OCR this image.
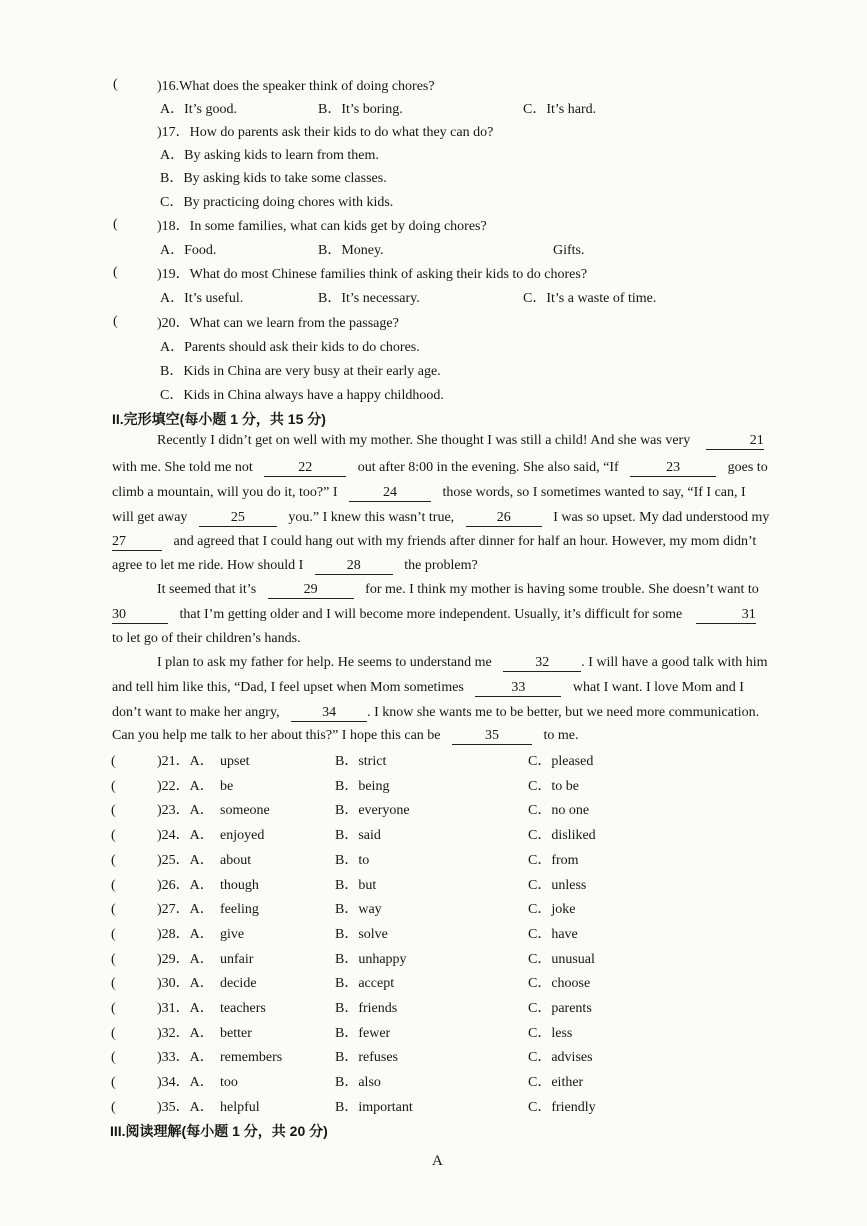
(	)16.What does the speaker think of doing chores?
A．It’s good.	B．It’s boring.	C．It’s hard.
)17．How do parents ask their kids to do what they can do?
A．By asking kids to learn from them.
B．By asking kids to take some classes.
C．By practicing doing chores with kids.
(	)18．In some families, what can kids get by doing chores?
A．Food.	B．Money.	Gifts.
(	)19．What do most Chinese families think of asking their kids to do chores?
A．It’s useful.	B．It’s necessary.	C．It’s a waste of time.
(	)20．What can we learn from the passage?
A．Parents should ask their kids to do chores.
B．Kids in China are very busy at their early age.
C．Kids in China always have a happy childhood.
II.完形填空(每小题 1 分，共 15 分)
Recently I didn’t get on well with my mother. She thought I was still a child! And she was very	21
with me. She told me not	22	out after 8:00 in the evening. She also said, “If	23	goes to
climb a mountain, will you do it, too?” I	24	those words, so I sometimes wanted to say, “If I can, I
will get away	25	you.” I knew this wasn’t true,	26	I was so upset. My dad understood my
27	and agreed that I could hang out with my friends after dinner for half an hour. However, my mom didn’t
agree to let me ride. How should I	28	the problem?
It seemed that it’s	29	for me. I think my mother is having some trouble. She doesn’t want to
30	that I’m getting older and I will become more independent. Usually, it’s difficult for some	31
to let go of their children’s hands.
I plan to ask my father for help. He seems to understand me	32 . I will have a good talk with him
and tell him like this, “Dad, I feel upset when Mom sometimes	33	what I want. I love Mom and I
don’t want to make her angry,	34 . I know she wants me to be better, but we need more communication.
Can you help me talk to her about this?” I hope this can be	35	to me.
(	)21．A． upset	B．strict	C．pleased
(	)22．A． be	B．being	C．to be
(	)23．A． someone	B．everyone	C．no one
(	)24．A． enjoyed	B．said	C．disliked
(	)25．A． about	B．to	C．from
(	)26．A． though	B．but	C．unless
(	)27．A． feeling	B．way	C．joke
(	)28．A． give	B．solve	C．have
(	)29．A． unfair	B．unhappy	C．unusual
(	)30．A． decide	B．accept	C．choose
(	)31．A． teachers	B．friends	C．parents
(	)32．A． better	B．fewer	C．less
(	)33．A． remembers	B．refuses	C．advises
(	)34．A． too	B．also	C．either
(	)35．A． helpful	B．important	C．friendly
III.阅读理解(每小题 1 分，共 20 分)
A
